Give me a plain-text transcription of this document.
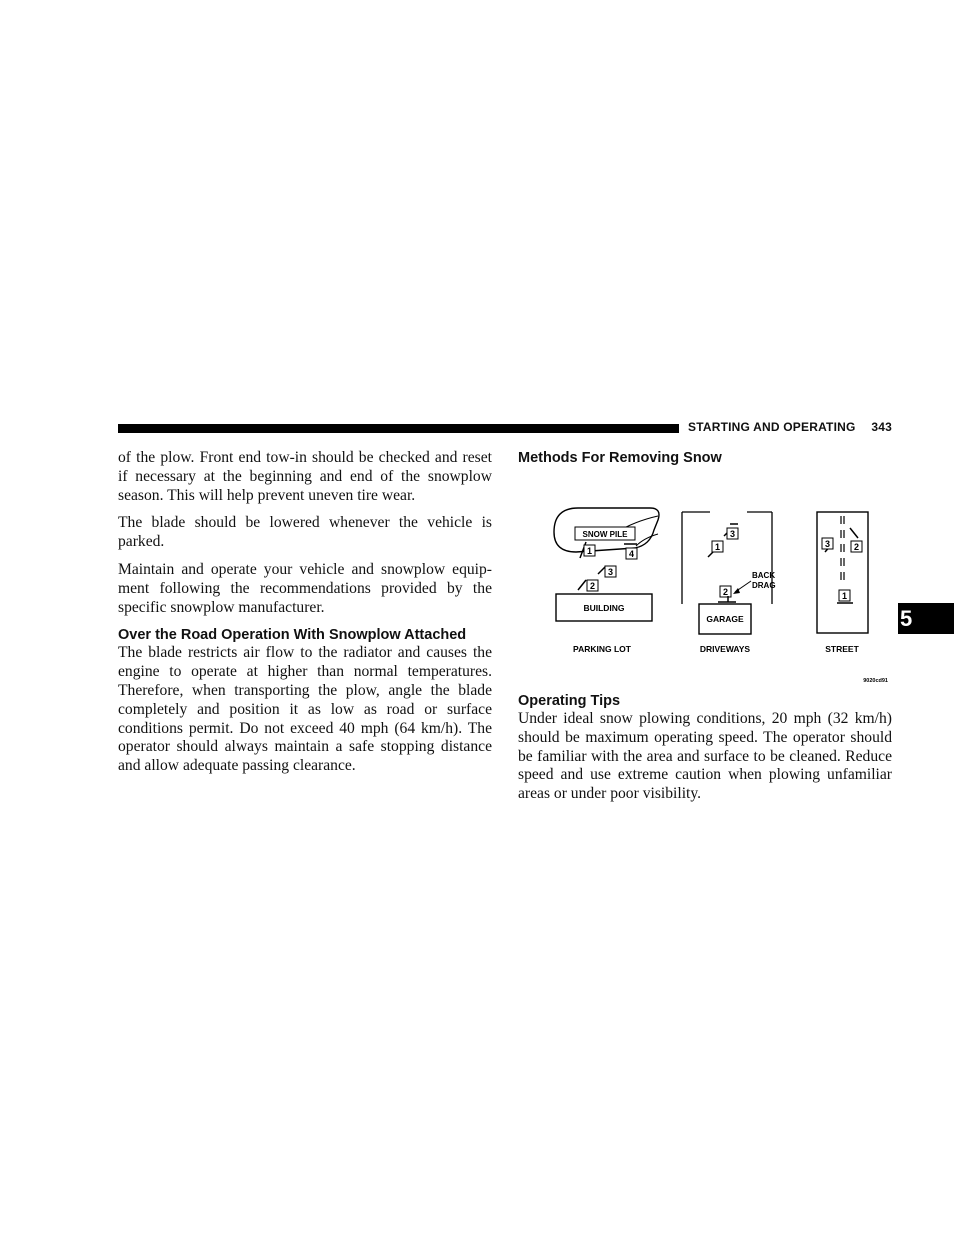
STARTING AND OPERATING 343

of the plow. Front end tow-in should be checked and reset if necessary at the beginning and end of the snowplow season. This will help prevent uneven tire wear.

The blade should be lowered whenever the vehicle is parked.

Maintain and operate your vehicle and snowplow equip-ment following the recommendations provided by the specific snowplow manufacturer.

Over the Road Operation With Snowplow Attached

The blade restricts air flow to the radiator and causes the engine to operate at higher than normal temperatures. Therefore, when transporting the plow, angle the blade completely and position it as low as road or surface conditions permit. Do not exceed 40 mph (64 km/h). The operator should always maintain a safe stopping distance and allow adequate passing clearance.

Methods For Removing Snow
SNOW PILE
1	4
3
2
BUILDING
PARKING LOT
1
3
2
BACK
DRAG
GARAGE
DRIVEWAYS
3	2
1
STREET
9020cd91
Operating Tips

Under ideal snow plowing conditions, 20 mph (32 km/h) should be maximum operating speed. The operator should be familiar with the area and surface to be cleaned. Reduce speed and use extreme caution when plowing unfamiliar areas or under poor visibility.

5
